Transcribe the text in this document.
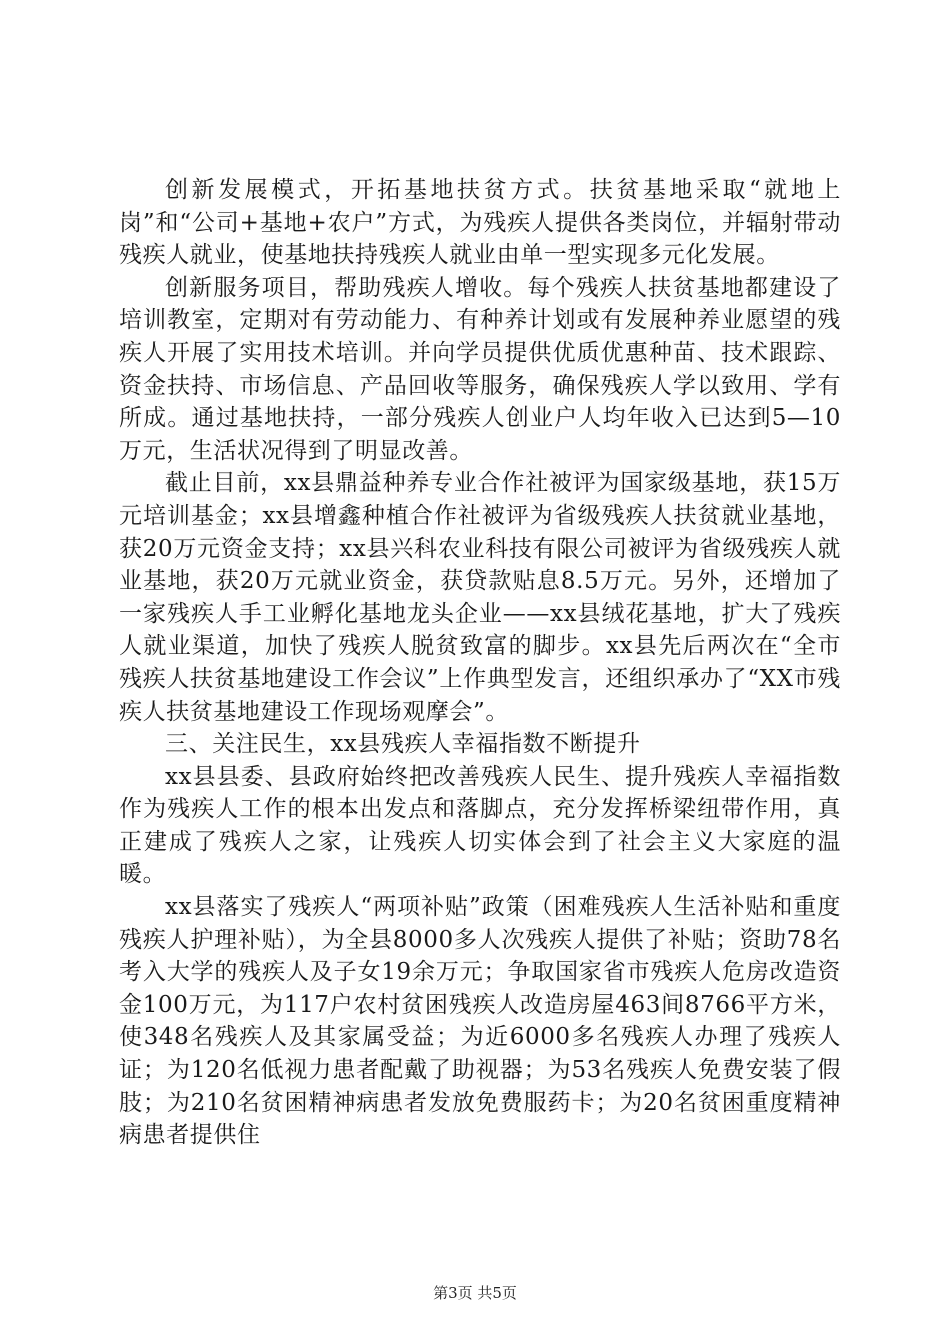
创新发展模式，开拓基地扶贫方式。扶贫基地采取“就地上岗”和“公司+基地+农户”方式，为残疾人提供各类岗位，并辐射带动残疾人就业，使基地扶持残疾人就业由单一型实现多元化发展。

创新服务项目，帮助残疾人增收。每个残疾人扶贫基地都建设了培训教室，定期对有劳动能力、有种养计划或有发展种养业愿望的残疾人开展了实用技术培训。并向学员提供优质优惠种苗、技术跟踪、资金扶持、市场信息、产品回收等服务，确保残疾人学以致用、学有所成。通过基地扶持，一部分残疾人创业户人均年收入已达到5—10万元，生活状况得到了明显改善。

截止目前，xx县鼎益种养专业合作社被评为国家级基地，获15万元培训基金；xx县增鑫种植合作社被评为省级残疾人扶贫就业基地，获20万元资金支持；xx县兴科农业科技有限公司被评为省级残疾人就业基地，获20万元就业资金，获贷款贴息8.5万元。另外，还增加了一家残疾人手工业孵化基地龙头企业——xx县绒花基地，扩大了残疾人就业渠道，加快了残疾人脱贫致富的脚步。xx县先后两次在“全市残疾人扶贫基地建设工作会议”上作典型发言，还组织承办了“XX市残疾人扶贫基地建设工作现场观摩会”。

三、关注民生，xx县残疾人幸福指数不断提升

xx县县委、县政府始终把改善残疾人民生、提升残疾人幸福指数作为残疾人工作的根本出发点和落脚点，充分发挥桥梁纽带作用，真正建成了残疾人之家，让残疾人切实体会到了社会主义大家庭的温暖。

xx县落实了残疾人“两项补贴”政策（困难残疾人生活补贴和重度残疾人护理补贴），为全县8000多人次残疾人提供了补贴；资助78名考入大学的残疾人及子女19余万元；争取国家省市残疾人危房改造资金100万元，为117户农村贫困残疾人改造房屋463间8766平方米，使348名残疾人及其家属受益；为近6000多名残疾人办理了残疾人证；为120名低视力患者配戴了助视器；为53名残疾人免费安装了假肢；为210名贫困精神病患者发放免费服药卡；为20名贫困重度精神病患者提供住

第3页 共5页
